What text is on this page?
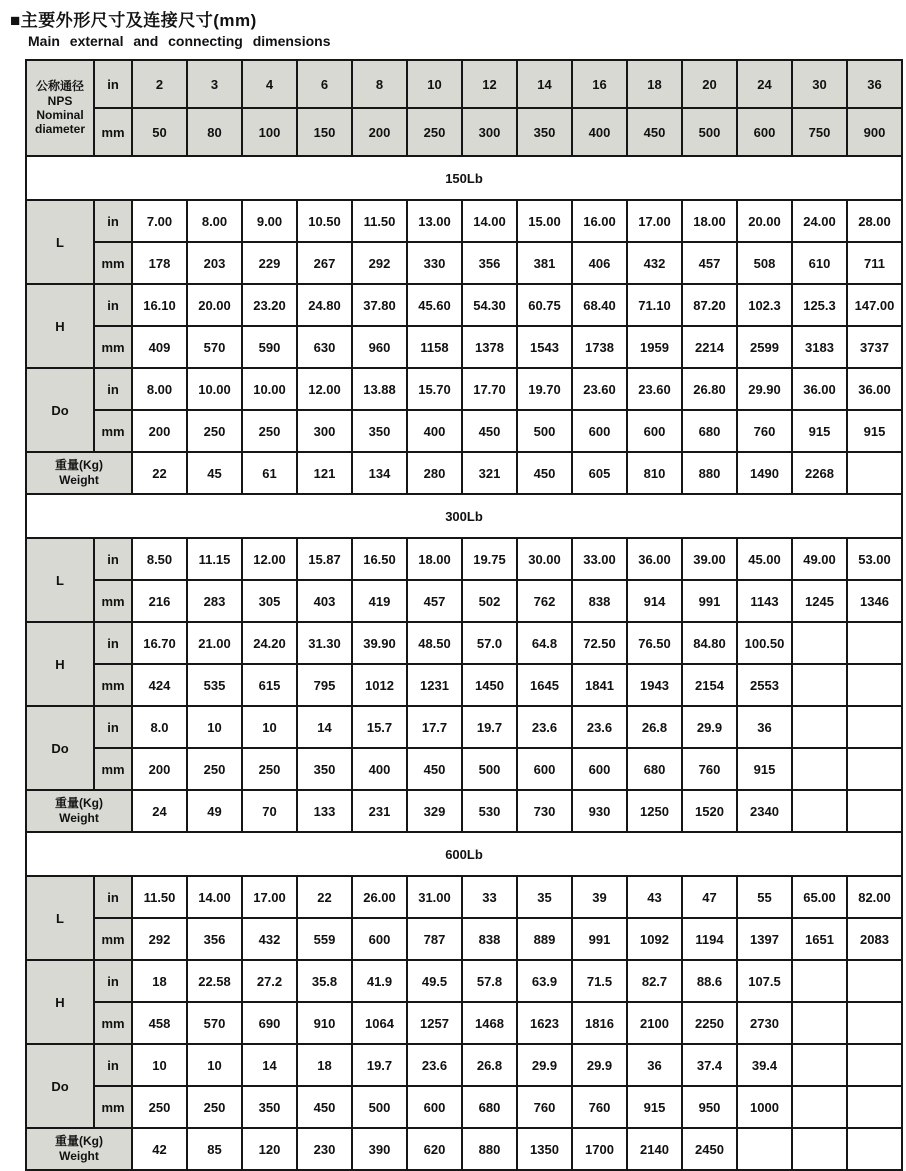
■主要外形尺寸及连接尺寸(mm)
Main external and connecting dimensions
公称通径
NPS
Nominal
diameter	in	2	3	4	6	8	10	12	14	16	18	20	24	30	36
	mm	50	80	100	150	200	250	300	350	400	450	500	600	750	900
150Lb															
L	in	7.00	8.00	9.00	10.50	11.50	13.00	14.00	15.00	16.00	17.00	18.00	20.00	24.00	28.00
	mm	178	203	229	267	292	330	356	381	406	432	457	508	610	711
H	in	16.10	20.00	23.20	24.80	37.80	45.60	54.30	60.75	68.40	71.10	87.20	102.3	125.3	147.00
	mm	409	570	590	630	960	1158	1378	1543	1738	1959	2214	2599	3183	3737
Do	in	8.00	10.00	10.00	12.00	13.88	15.70	17.70	19.70	23.60	23.60	26.80	29.90	36.00	36.00
	mm	200	250	250	300	350	400	450	500	600	600	680	760	915	915
重量(Kg)
Weight		22	45	61	121	134	280	321	450	605	810	880	1490	2268	
300Lb															
L	in	8.50	11.15	12.00	15.87	16.50	18.00	19.75	30.00	33.00	36.00	39.00	45.00	49.00	53.00
	mm	216	283	305	403	419	457	502	762	838	914	991	1143	1245	1346
H	in	16.70	21.00	24.20	31.30	39.90	48.50	57.0	64.8	72.50	76.50	84.80	100.50		
	mm	424	535	615	795	1012	1231	1450	1645	1841	1943	2154	2553		
Do	in	8.0	10	10	14	15.7	17.7	19.7	23.6	23.6	26.8	29.9	36		
	mm	200	250	250	350	400	450	500	600	600	680	760	915		
重量(Kg)
Weight		24	49	70	133	231	329	530	730	930	1250	1520	2340		
600Lb															
L	in	11.50	14.00	17.00	22	26.00	31.00	33	35	39	43	47	55	65.00	82.00
	mm	292	356	432	559	600	787	838	889	991	1092	1194	1397	1651	2083
H	in	18	22.58	27.2	35.8	41.9	49.5	57.8	63.9	71.5	82.7	88.6	107.5		
	mm	458	570	690	910	1064	1257	1468	1623	1816	2100	2250	2730		
Do	in	10	10	14	18	19.7	23.6	26.8	29.9	29.9	36	37.4	39.4		
	mm	250	250	350	450	500	600	680	760	760	915	950	1000		
重量(Kg)
Weight		42	85	120	230	390	620	880	1350	1700	2140	2450			
